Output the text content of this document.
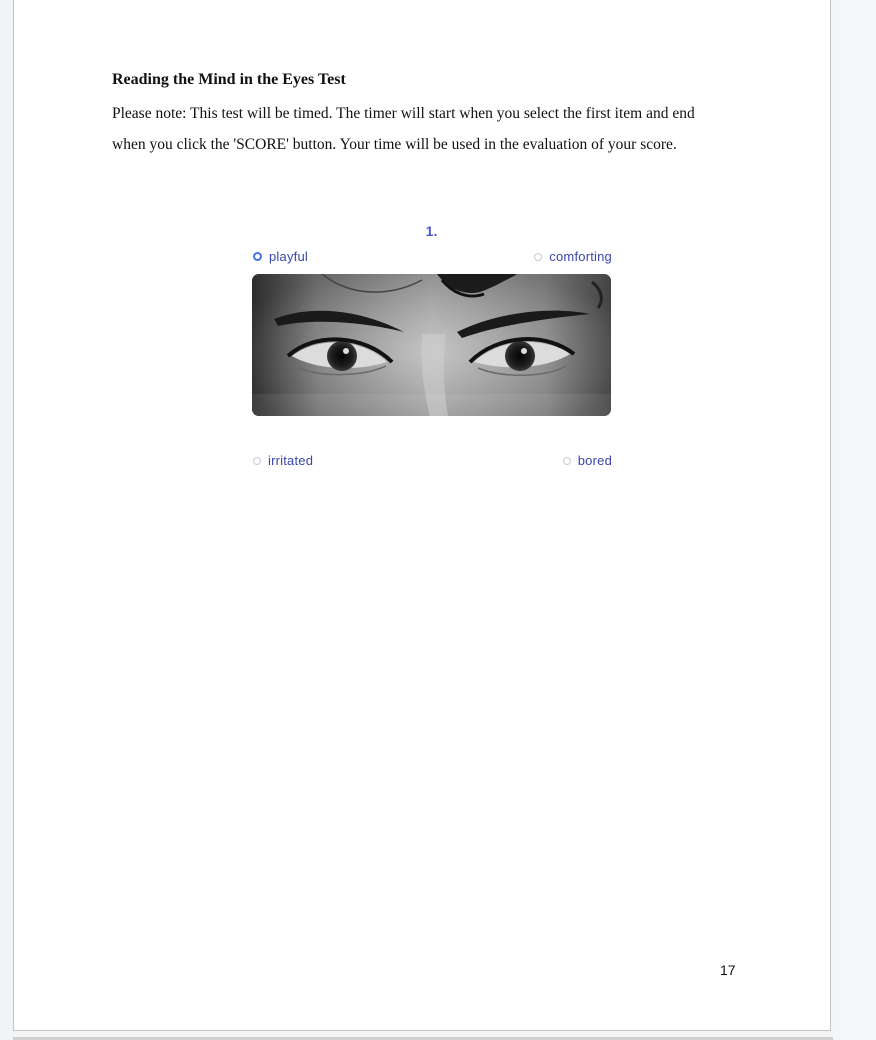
Reading the Mind in the Eyes Test
Please note: This test will be timed. The timer will start when you select the first item and end when you click the 'SCORE' button. Your time will be used in the evaluation of your score.
1.
playful	comforting
irritated	bored
17
